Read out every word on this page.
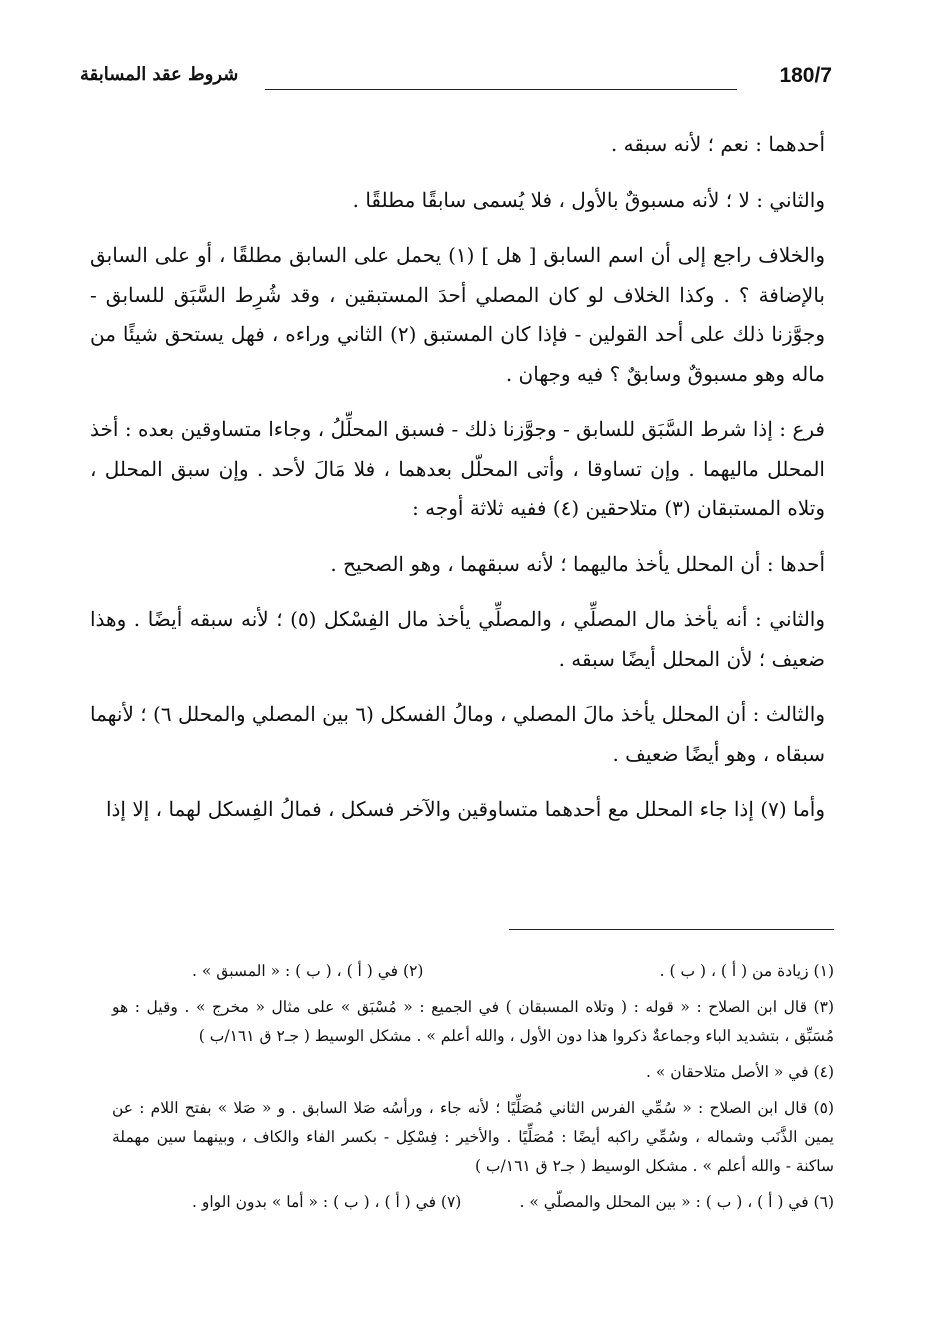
شروط عقد المسابقة	180/7

أحدهما : نعم ؛ لأنه سبقه .

والثاني : لا ؛ لأنه مسبوقٌ بالأول ، فلا يُسمى سابقًا مطلقًا .

والخلاف راجع إلى أن اسم السابق [ هل ] (١) يحمل على السابق مطلقًا ، أو على السابق بالإضافة ؟ . وكذا الخلاف لو كان المصلي أحدَ المستبقين ، وقد شُرِط السَّبَق للسابق - وجوَّزنا ذلك على أحد القولين - فإذا كان المستبق (٢) الثاني وراءه ، فهل يستحق شيئًا من ماله وهو مسبوقٌ وسابقٌ ؟ فيه وجهان .

فرع : إذا شرط السَّبَق للسابق - وجوَّزنا ذلك - فسبق المحلِّلُ ، وجاءا متساوقين بعده : أخذ المحلل ماليهما . وإن تساوقا ، وأتى المحلّل بعدهما ، فلا مَالَ لأحد . وإن سبق المحلل ، وتلاه المستبقان (٣) متلاحقين (٤) ففيه ثلاثة أوجه :

أحدها : أن المحلل يأخذ ماليهما ؛ لأنه سبقهما ، وهو الصحيح .

والثاني : أنه يأخذ مال المصلِّي ، والمصلِّي يأخذ مال الفِسْكل (٥) ؛ لأنه سبقه أيضًا . وهذا ضعيف ؛ لأن المحلل أيضًا سبقه .

والثالث : أن المحلل يأخذ مالَ المصلي ، ومالُ الفسكل (٦ بين المصلي والمحلل ٦) ؛ لأنهما سبقاه ، وهو أيضًا ضعيف .

وأما (٧) إذا جاء المحلل مع أحدهما متساوقين والآخر فسكل ، فمالُ الفِسكل لهما ، إلا إذا

(١) زيادة من ( أ ) ، ( ب ) .
(٢) في ( أ ) ، ( ب ) : « المسبق » .
(٣) قال ابن الصلاح : « قوله : ( وتلاه المسبقان ) في الجميع : « مُسْبَق » على مثال « مخرج » . وقيل : هو مُسَبِّق ، بتشديد الباء وجماعةٌ ذكروا هذا دون الأول ، والله أعلم » . مشكل الوسيط ( جـ٢ ق ١٦١/ب )
(٤) في « الأصل متلاحقان » .
(٥) قال ابن الصلاح : « سُمِّي الفرس الثاني مُصَلِّيًا ؛ لأنه جاء ، ورأسُه صَلا السابق . و « صَلا » بفتح اللام : عن يمين الذَّنَب وشماله ، وسُمِّي راكبه أيضًا : مُصَلِّيًا . والأخير : فِسْكِل - بكسر الفاء والكاف ، وبينهما سين مهملة ساكنة - والله أعلم » . مشكل الوسيط ( جـ٢ ق ١٦١/ب )
(٦) في ( أ ) ، ( ب ) : « بين المحلل والمصلّي » .
(٧) في ( أ ) ، ( ب ) : « أما » بدون الواو .
